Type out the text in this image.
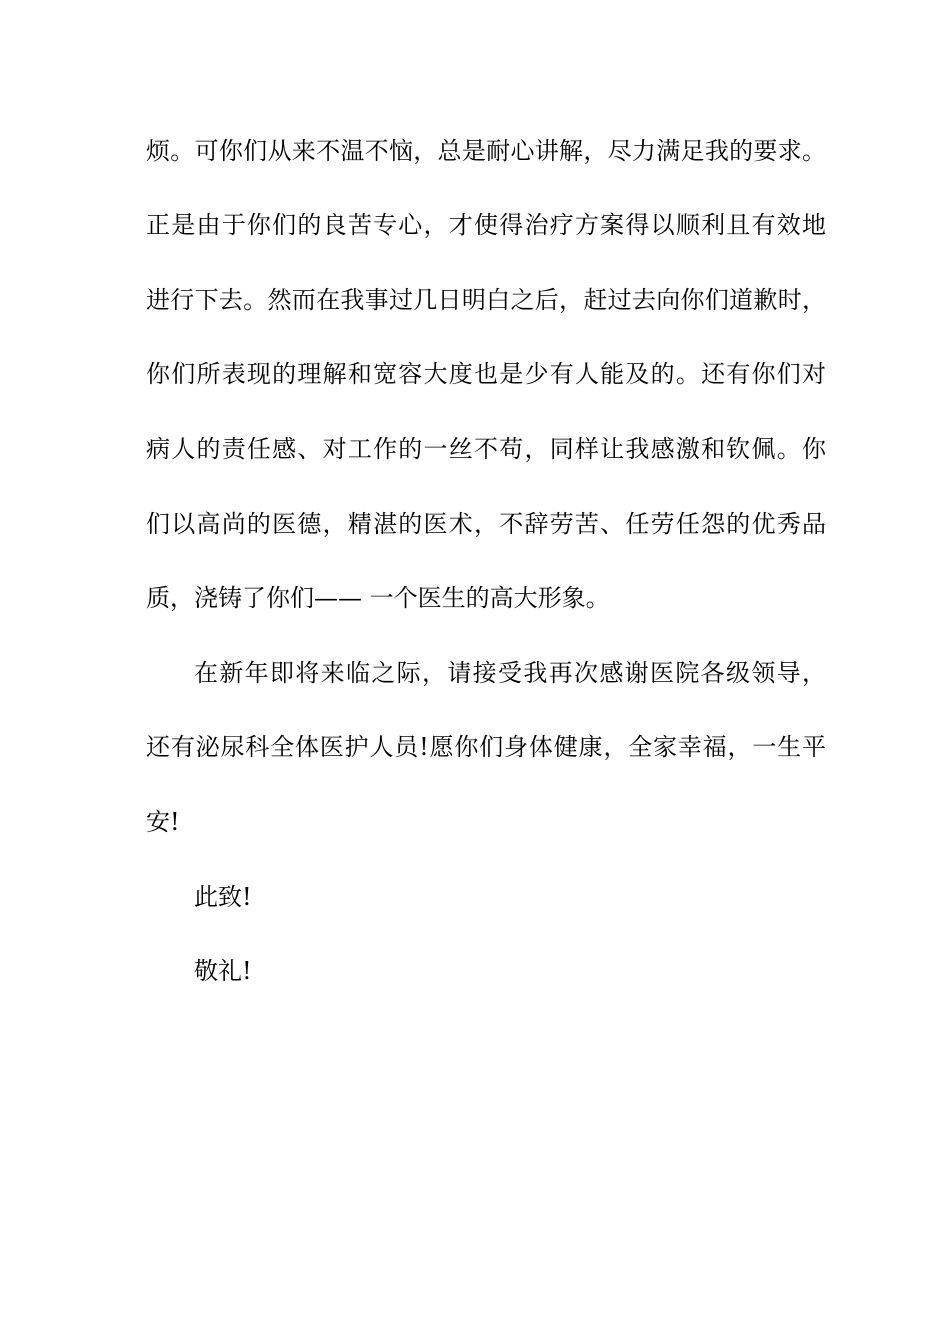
烦。可你们从来不温不恼，总是耐心讲解，尽力满足我的要求。
正是由于你们的良苦专心，才使得治疗方案得以顺利且有效地
进行下去。然而在我事过几日明白之后，赶过去向你们道歉时，
你们所表现的理解和宽容大度也是少有人能及的。还有你们对
病人的责任感、对工作的一丝不苟，同样让我感激和钦佩。你
们以高尚的医德，精湛的医术，不辞劳苦、任劳任怨的优秀品
质，浇铸了你们—— 一个医生的高大形象。
在新年即将来临之际，请接受我再次感谢医院各级领导，
还有泌尿科全体医护人员!愿你们身体健康，全家幸福，一生平
安!
此致!
敬礼!
